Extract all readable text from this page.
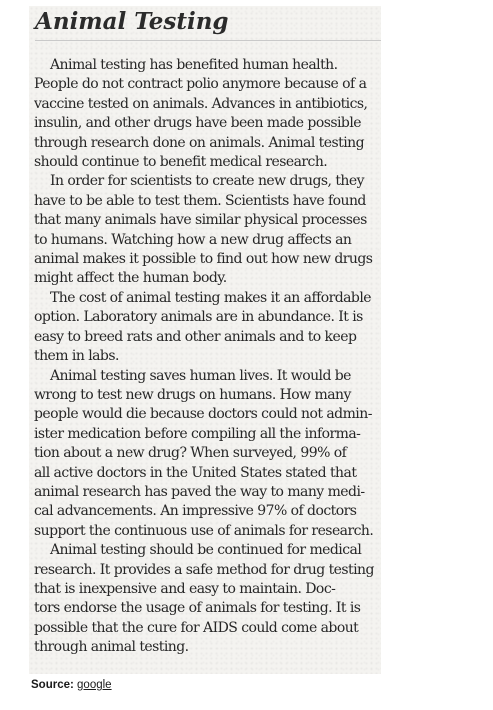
Animal Testing
Animal testing has benefited human health.
People do not contract polio anymore because of a
vaccine tested on animals. Advances in antibiotics,
insulin, and other drugs have been made possible
through research done on animals. Animal testing
should continue to benefit medical research.
In order for scientists to create new drugs, they
have to be able to test them. Scientists have found
that many animals have similar physical processes
to humans. Watching how a new drug affects an
animal makes it possible to find out how new drugs
might affect the human body.
The cost of animal testing makes it an affordable
option. Laboratory animals are in abundance. It is
easy to breed rats and other animals and to keep
them in labs.
Animal testing saves human lives. It would be
wrong to test new drugs on humans. How many
people would die because doctors could not admin-
ister medication before compiling all the informa-
tion about a new drug? When surveyed, 99% of
all active doctors in the United States stated that
animal research has paved the way to many medi-
cal advancements. An impressive 97% of doctors
support the continuous use of animals for research.
Animal testing should be continued for medical
research. It provides a safe method for drug testing
that is inexpensive and easy to maintain. Doc-
tors endorse the usage of animals for testing. It is
possible that the cure for AIDS could come about
through animal testing.
Source: google
